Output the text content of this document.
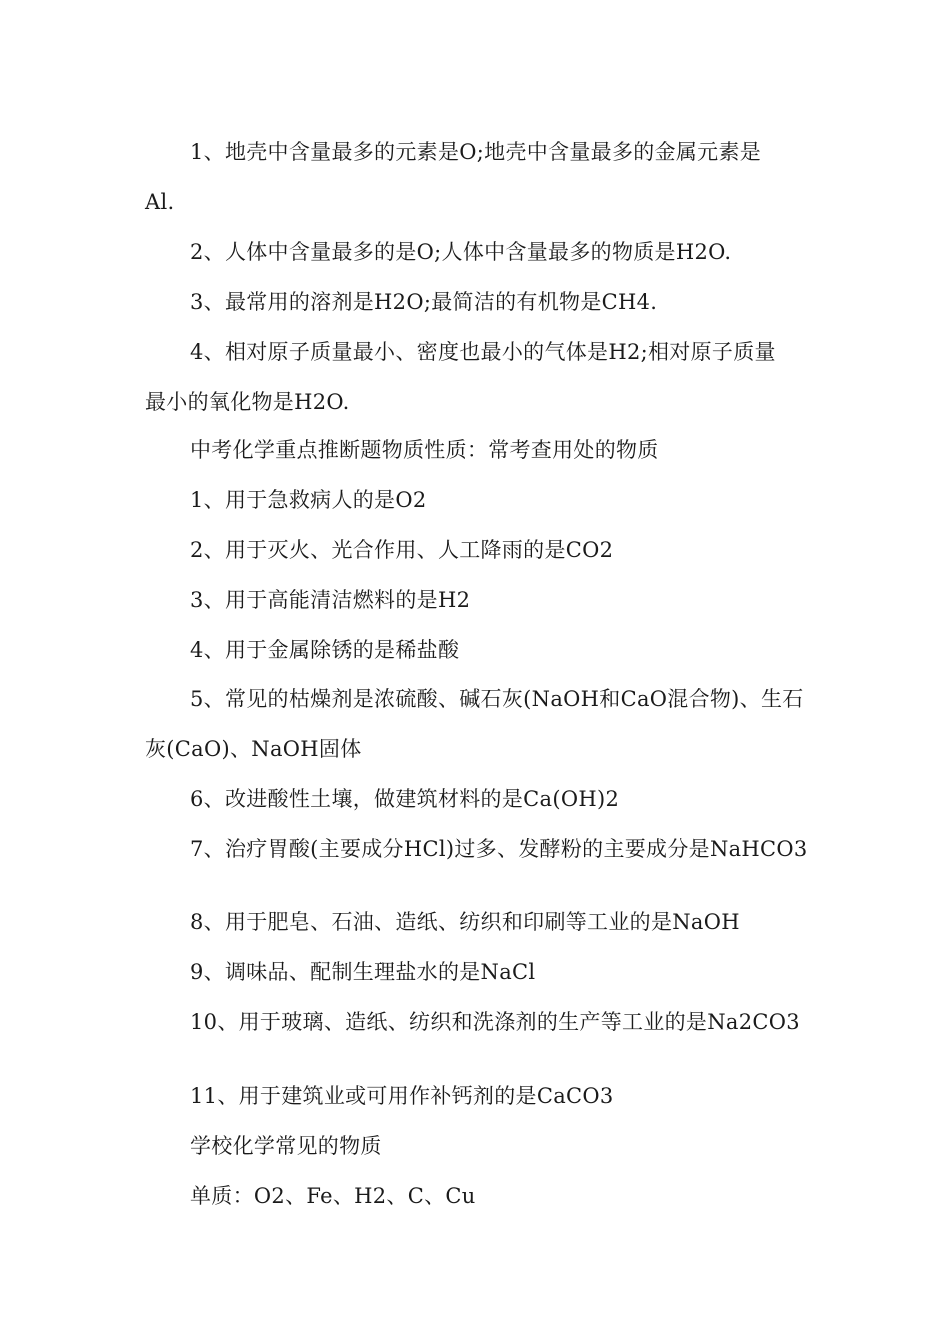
1、地壳中含量最多的元素是O;地壳中含量最多的金属元素是
Al.
2、人体中含量最多的是O;人体中含量最多的物质是H2O.
3、最常用的溶剂是H2O;最简洁的有机物是CH4.
4、相对原子质量最小、密度也最小的气体是H2;相对原子质量
最小的氧化物是H2O.
中考化学重点推断题物质性质：常考查用处的物质
1、用于急救病人的是O2
2、用于灭火、光合作用、人工降雨的是CO2
3、用于高能清洁燃料的是H2
4、用于金属除锈的是稀盐酸
5、常见的枯燥剂是浓硫酸、碱石灰(NaOH和CaO混合物)、生石
灰(CaO)、NaOH固体
6、改进酸性土壤，做建筑材料的是Ca(OH)2
7、治疗胃酸(主要成分HCl)过多、发酵粉的主要成分是NaHCO3
8、用于肥皂、石油、造纸、纺织和印刷等工业的是NaOH
9、调味品、配制生理盐水的是NaCl
10、用于玻璃、造纸、纺织和洗涤剂的生产等工业的是Na2CO3
11、用于建筑业或可用作补钙剂的是CaCO3
学校化学常见的物质
单质：O2、Fe、H2、C、Cu
